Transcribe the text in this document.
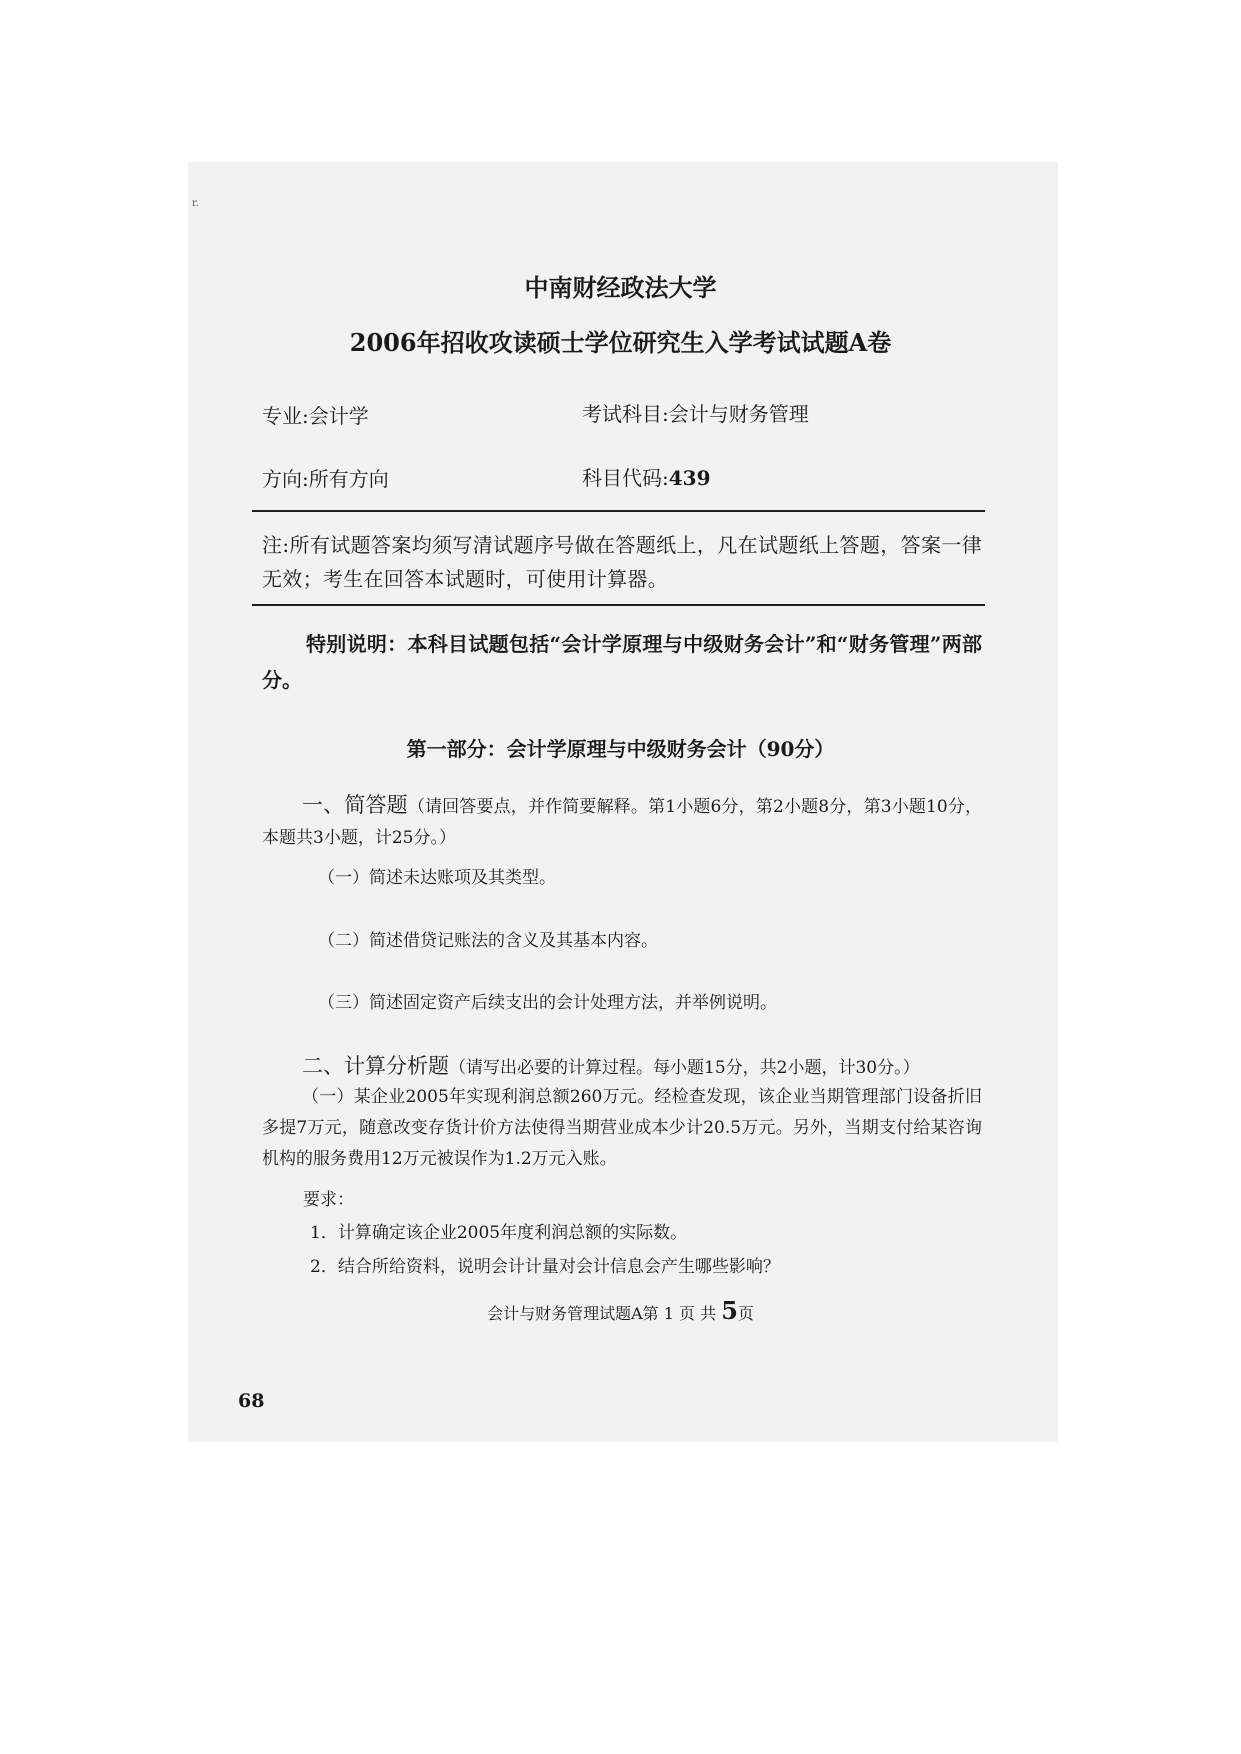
r.
中南财经政法大学
2006年招收攻读硕士学位研究生入学考试试题A卷
专业:会计学	考试科目:会计与财务管理
方向:所有方向	科目代码:439
注:所有试题答案均须写清试题序号做在答题纸上，凡在试题纸上答题，答案一律无效；考生在回答本试题时，可使用计算器。
特别说明：本科目试题包括“会计学原理与中级财务会计”和“财务管理”两部分。
第一部分：会计学原理与中级财务会计（90分）
一、简答题（请回答要点，并作简要解释。第1小题6分，第2小题8分，第3小题10分，本题共3小题，计25分。）
（一）简述未达账项及其类型。
（二）简述借贷记账法的含义及其基本内容。
（三）简述固定资产后续支出的会计处理方法，并举例说明。
二、计算分析题（请写出必要的计算过程。每小题15分，共2小题，计30分。）
（一）某企业2005年实现利润总额260万元。经检查发现，该企业当期管理部门设备折旧多提7万元，随意改变存货计价方法使得当期营业成本少计20.5万元。另外，当期支付给某咨询机构的服务费用12万元被误作为1.2万元入账。
要求：
1．计算确定该企业2005年度利润总额的实际数。
2．结合所给资料，说明会计计量对会计信息会产生哪些影响？
会计与财务管理试题A第 1 页 共 5页
68
